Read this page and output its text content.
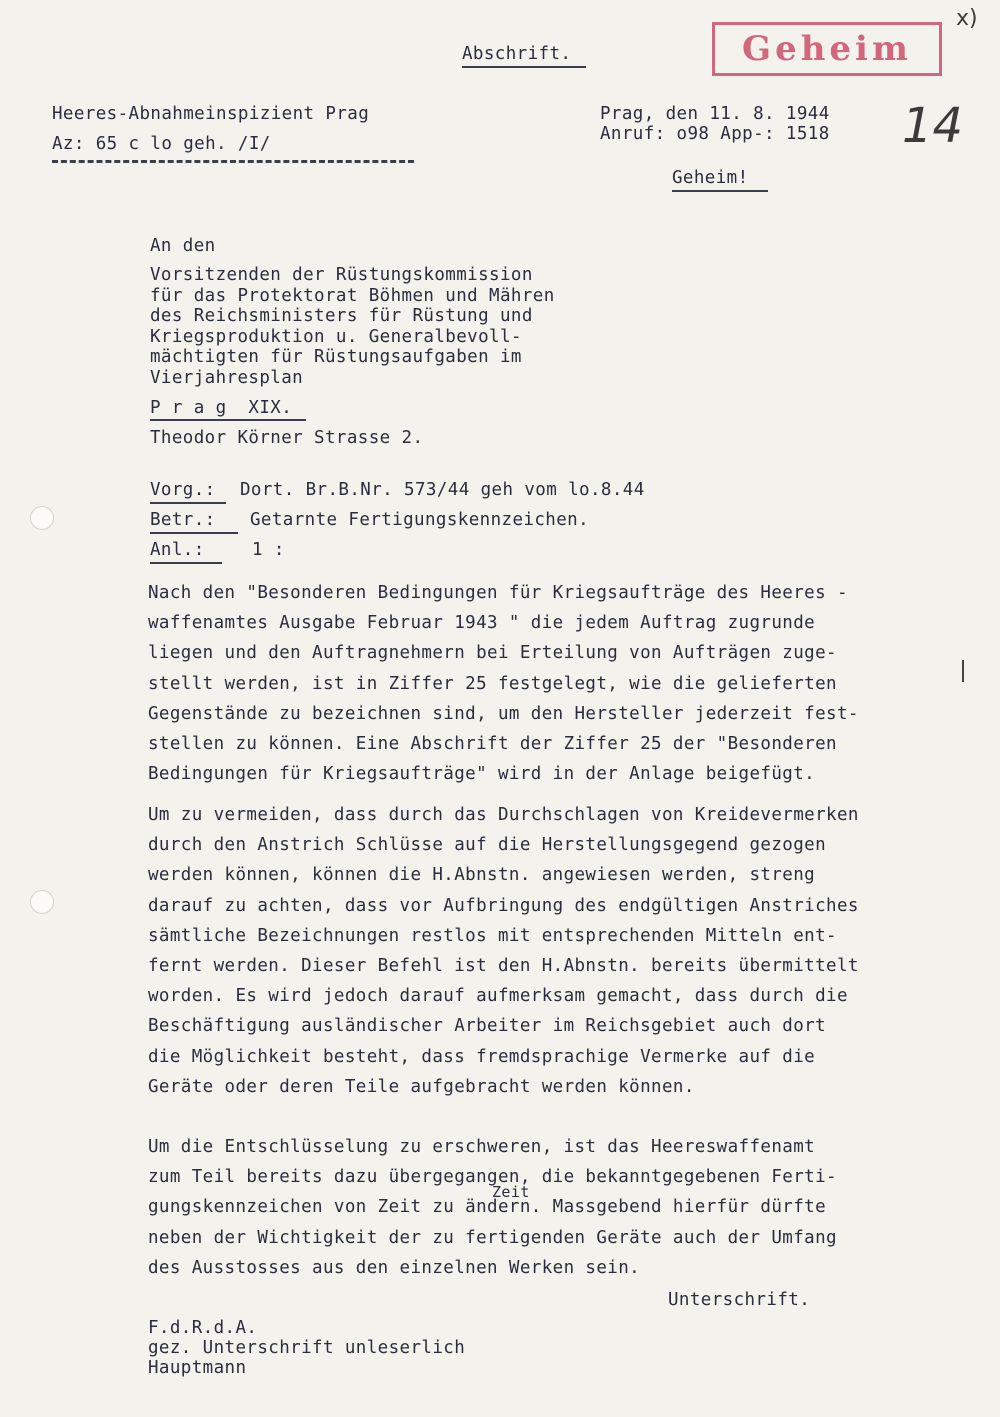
x)
Abschrift.	Geheim
14
Heeres-Abnahmeinspizient Prag
Az: 65 c lo geh. /I/
Prag, den 11. 8. 1944
Anruf: o98 App-: 1518
Geheim!
An den
Vorsitzenden der Rüstungskommission
für das Protektorat Böhmen und Mähren
des Reichsministers für Rüstung und
Kriegsproduktion u. Generalbevoll-
mächtigten für Rüstungsaufgaben im
Vierjahresplan
P r a g  XIX.
Theodor Körner Strasse 2.
Vorg.: Dort. Br.B.Nr. 573/44 geh vom lo.8.44
Betr.: Getarnte Fertigungskennzeichen.
Anl.:	1 :
Nach den "Besonderen Bedingungen für Kriegsaufträge des Heeres -
waffenamtes Ausgabe Februar 1943 " die jedem Auftrag zugrunde
liegen und den Auftragnehmern bei Erteilung von Aufträgen zuge-
stellt werden, ist in Ziffer 25 festgelegt, wie die gelieferten
Gegenstände zu bezeichnen sind, um den Hersteller jederzeit fest-
stellen zu können. Eine Abschrift der Ziffer 25 der "Besonderen
Bedingungen für Kriegsaufträge" wird in der Anlage beigefügt.
Um zu vermeiden, dass durch das Durchschlagen von Kreidevermerken
durch den Anstrich Schlüsse auf die Herstellungsgegend gezogen
werden können, können die H.Abnstn. angewiesen werden, streng
darauf zu achten, dass vor Aufbringung des endgültigen Anstriches
sämtliche Bezeichnungen restlos mit entsprechenden Mitteln ent-
fernt werden. Dieser Befehl ist den H.Abnstn. bereits übermittelt
worden. Es wird jedoch darauf aufmerksam gemacht, dass durch die
Beschäftigung ausländischer Arbeiter im Reichsgebiet auch dort
die Möglichkeit besteht, dass fremdsprachige Vermerke auf die
Geräte oder deren Teile aufgebracht werden können.
Um die Entschlüsselung zu erschweren, ist das Heereswaffenamt
zum Teil bereits dazu übergegangen, die bekanntgegebenen Ferti-
gungskennzeichen von Zeit zu ändern. Massgebend hierfür dürfte
neben der Wichtigkeit der zu fertigenden Geräte auch der Umfang
des Ausstosses aus den einzelnen Werken sein.
Zeit
Unterschrift.
F.d.R.d.A.
gez. Unterschrift unleserlich
Hauptmann
